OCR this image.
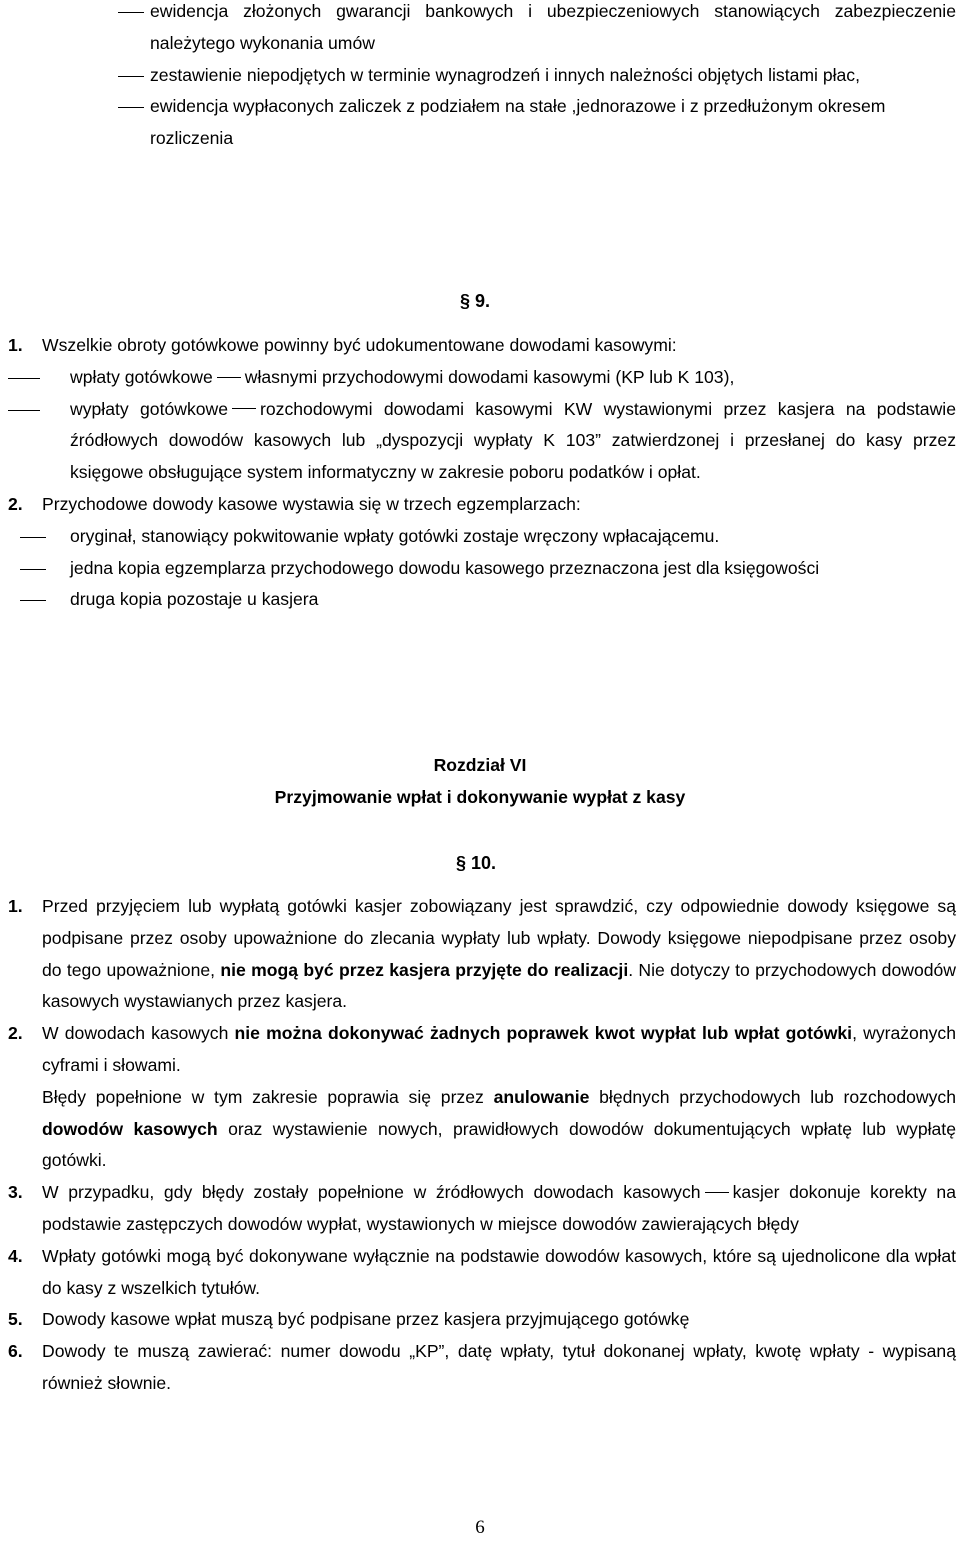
ewidencja złożonych gwarancji bankowych i ubezpieczeniowych stanowiących zabezpieczenie należytego wykonania umów
zestawienie niepodjętych w terminie wynagrodzeń i innych należności objętych listami płac,
ewidencja wypłaconych zaliczek z podziałem na stałe ,jednorazowe i z przedłużonym okresem rozliczenia
§ 9.
1. Wszelkie obroty gotówkowe powinny być udokumentowane dowodami kasowymi:
wpłaty gotówkowe własnymi przychodowymi dowodami kasowymi (KP lub K 103),
wypłaty gotówkowe rozchodowymi dowodami kasowymi KW wystawionymi przez kasjera na podstawie źródłowych dowodów kasowych lub „dyspozycji wypłaty K 103” zatwierdzonej i przesłanej do kasy przez księgowe obsługujące system informatyczny w zakresie poboru podatków i opłat.
2. Przychodowe dowody kasowe wystawia się w trzech egzemplarzach:
oryginał, stanowiący pokwitowanie wpłaty gotówki zostaje wręczony wpłacającemu.
jedna kopia egzemplarza przychodowego dowodu kasowego przeznaczona jest dla księgowości
druga kopia pozostaje u kasjera
Rozdział VI
Przyjmowanie wpłat i dokonywanie wypłat z kasy
§ 10.
1. Przed przyjęciem lub wypłatą gotówki kasjer zobowiązany jest sprawdzić, czy odpowiednie dowody księgowe są podpisane przez osoby upoważnione do zlecania wypłaty lub wpłaty. Dowody księgowe niepodpisane przez osoby do tego upoważnione, nie mogą być przez kasjera przyjęte do realizacji. Nie dotyczy to przychodowych dowodów kasowych wystawianych przez kasjera.
2. W dowodach kasowych nie można dokonywać żadnych poprawek kwot wypłat lub wpłat gotówki, wyrażonych cyframi i słowami.
Błędy popełnione w tym zakresie poprawia się przez anulowanie błędnych przychodowych lub rozchodowych dowodów kasowych oraz wystawienie nowych, prawidłowych dowodów dokumentujących wpłatę lub wypłatę gotówki.
3. W przypadku, gdy błędy zostały popełnione w źródłowych dowodach kasowych kasjer dokonuje korekty na podstawie zastępczych dowodów wypłat, wystawionych w miejsce dowodów zawierających błędy
4. Wpłaty gotówki mogą być dokonywane wyłącznie na podstawie dowodów kasowych, które są ujednolicone dla wpłat do kasy z wszelkich tytułów.
5. Dowody kasowe wpłat muszą być podpisane przez kasjera przyjmującego gotówkę
6. Dowody te muszą zawierać: numer dowodu „KP”, datę wpłaty, tytuł dokonanej wpłaty, kwotę wpłaty - wypisaną również słownie.
6
